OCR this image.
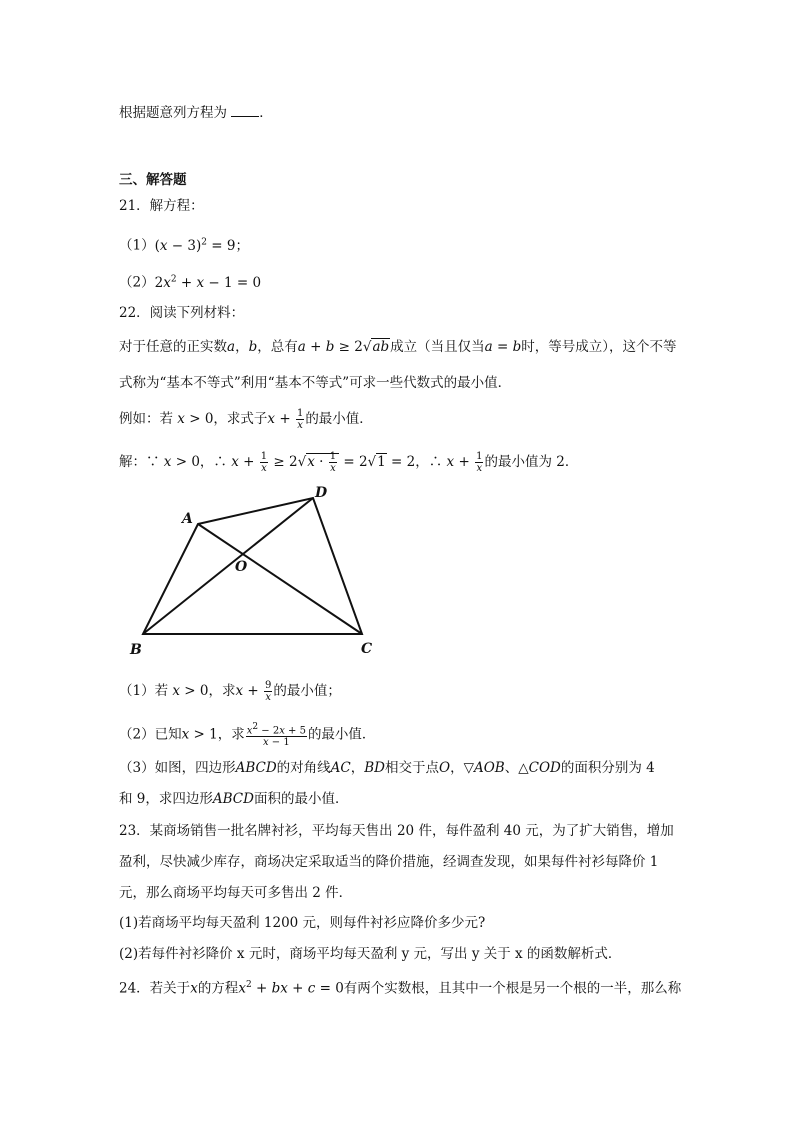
根据题意列方程为 ．
三、解答题
21．解方程：
$(1)(x - 3)^2 = 9$；
$(2)2x^2 + x - 1 = 0$
22．阅读下列材料：
对于任意的正实数a，b，总有a + b ≥ 2√ab成立（当且仅当a = b时，等号成立），这个不等
式称为“基本不等式”利用“基本不等式”可求一些代数式的最小值．
例如：若 x > 0，求式子$x + \frac{1}{x}$ 的最小值．
解：∵ x > 0，∴ $x + \frac{1}{x} \ge 2√x \cdot \frac{1}{x} = 2√1 = 2$，∴ $x + \frac{1}{x}$ 的最小值为 2．
A
B	C
D
O
（1）若 x > 0，求$x + \frac{9}{x}$ 的最小值；
（2）已知x > 1，求 $\frac{x^2 - 2x + 5}{x - 1}$ 的最小值．
（3）如图，四边形ABCD的对角线AC，BD相交于点O，▽AOB、△COD的面积分别为 4
和 9，求四边形ABCD面积的最小值．
23．某商场销售一批名牌衬衫，平均每天售出 20 件，每件盈利 40 元，为了扩大销售，增加
盈利，尽快减少库存，商场决定采取适当的降价措施，经调查发现，如果每件衬衫每降价 1
元，那么商场平均每天可多售出 2 件．
(1)若商场平均每天盈利 1200 元，则每件衬衫应降价多少元?
(2)若每件衬衫降价 x 元时，商场平均每天盈利 y 元，写出 y 关于 x 的函数解析式．
24．若关于x的方程$x^2$ + bx + c = 0有两个实数根，且其中一个根是另一个根的一半，那么称
